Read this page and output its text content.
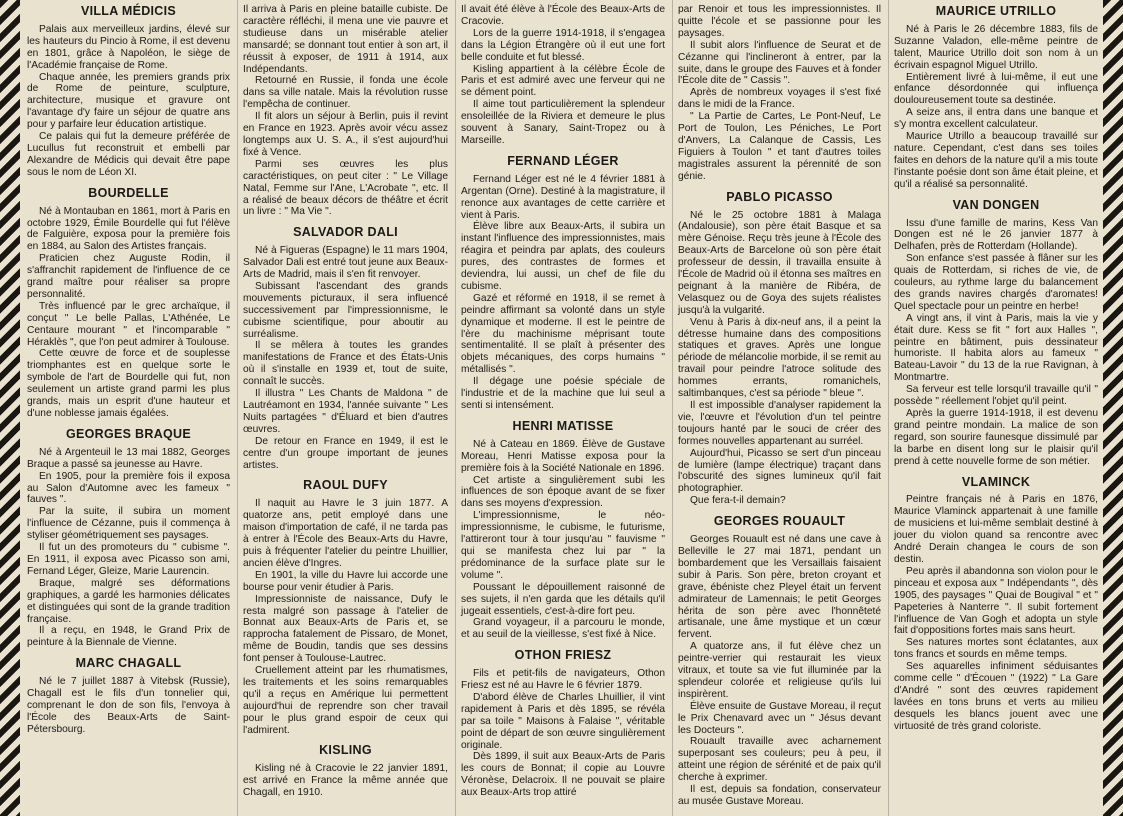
VILLA MÉDICIS

Palais aux merveilleux jardins, élevé sur les hauteurs du Pincio à Rome, il est devenu en 1801, grâce à Napoléon, le siège de l'Académie française de Rome.

Chaque année, les premiers grands prix de Rome de peinture, sculpture, architecture, musique et gravure ont l'avantage d'y faire un séjour de quatre ans pour y parfaire leur éducation artistique.

Ce palais qui fut la demeure préférée de Lucullus fut reconstruit et embelli par Alexandre de Médicis qui devait être pape sous le nom de Léon XI.

BOURDELLE

Né à Montauban en 1861, mort à Paris en octobre 1929, Émile Bourdelle qui fut l'élève de Falguière, exposa pour la première fois en 1884, au Salon des Artistes français.

Praticien chez Auguste Rodin, il s'affranchit rapidement de l'influence de ce grand maître pour réaliser sa propre personnalité.

Très influencé par le grec archaïque, il conçut " Le belle Pallas, L'Athénée, Le Centaure mourant " et l'incomparable " Héraklès ", que l'on peut admirer à Toulouse.

Cette œuvre de force et de souplesse triomphantes est en quelque sorte le symbole de l'art de Bourdelle qui fut, non seulement un artiste grand parmi les plus grands, mais un esprit d'une hauteur et d'une noblesse jamais égalées.

GEORGES BRAQUE

Né à Argenteuil le 13 mai 1882, Georges Braque a passé sa jeunesse au Havre.

En 1905, pour la première fois il exposa au Salon d'Automne avec les fameux " fauves ".

Par la suite, il subira un moment l'influence de Cézanne, puis il commença à styliser géométriquement ses paysages.

Il fut un des promoteurs du " cubisme ". En 1911, il exposa avec Picasso son ami, Fernand Léger, Gleize, Marie Laurencin.

Braque, malgré ses déformations graphiques, a gardé les harmonies délicates et distinguées qui sont de la grande tradition française.

Il a reçu, en 1948, le Grand Prix de peinture à la Biennale de Vienne.

MARC CHAGALL

Né le 7 juillet 1887 à Vitebsk (Russie), Chagall est le fils d'un tonnelier qui, comprenant le don de son fils, l'envoya à l'École des Beaux-Arts de Saint-Pétersbourg.

Il arriva à Paris en pleine bataille cubiste. De caractère réfléchi, il mena une vie pauvre et studieuse dans un misérable atelier mansardé; se donnant tout entier à son art, il réussit à exposer, de 1911 à 1914, aux Indépendants.

Retourné en Russie, il fonda une école dans sa ville natale. Mais la révolution russe l'empêcha de continuer.

Il fit alors un séjour à Berlin, puis il revint en France en 1923. Après avoir vécu assez longtemps aux U. S. A., il s'est aujourd'hui fixé à Vence.

Parmi ses œuvres les plus caractéristiques, on peut citer : " Le Village Natal, Femme sur l'Ane, L'Acrobate ", etc. Il a réalisé de beaux décors de théâtre et écrit un livre : " Ma Vie ".

SALVADOR DALI

Né à Figueras (Espagne) le 11 mars 1904, Salvador Dali est entré tout jeune aux Beaux-Arts de Madrid, mais il s'en fit renvoyer.

Subissant l'ascendant des grands mouvements picturaux, il sera influencé successivement par l'impressionnisme, le cubisme scientifique, pour aboutir au surréalisme.

Il se mêlera à toutes les grandes manifestations de France et des États-Unis où il s'installe en 1939 et, tout de suite, connaît le succès.

Il illustra " Les Chants de Maldona " de Lautréamont en 1934, l'année suivante " Les Nuits partagées " d'Éluard et bien d'autres œuvres.

De retour en France en 1949, il est le centre d'un groupe important de jeunes artistes.

RAOUL DUFY

Il naquit au Havre le 3 juin 1877. A quatorze ans, petit employé dans une maison d'importation de café, il ne tarda pas à entrer à l'École des Beaux-Arts du Havre, puis à fréquenter l'atelier du peintre Lhuillier, ancien élève d'Ingres.

En 1901, la ville du Havre lui accorde une bourse pour venir étudier à Paris.

Impressionniste de naissance, Dufy le resta malgré son passage à l'atelier de Bonnat aux Beaux-Arts de Paris et, se rapprocha fatalement de Pissaro, de Monet, même de Boudin, tandis que ses dessins font penser à Toulouse-Lautrec.

Cruellement atteint par les rhumatismes, les traitements et les soins remarquables qu'il a reçus en Amérique lui permettent aujourd'hui de reprendre son cher travail pour le plus grand espoir de ceux qui l'admirent.

KISLING

Kisling né à Cracovie le 22 janvier 1891, est arrivé en France la même année que Chagall, en 1910.

Il avait été élève à l'École des Beaux-Arts de Cracovie.

Lors de la guerre 1914-1918, il s'engagea dans la Légion Étrangère où il eut une fort belle conduite et fut blessé.

Kisling appartient à la célèbre École de Paris et est admiré avec une ferveur qui ne se dément point.

Il aime tout particulièrement la splendeur ensoleillée de la Riviera et demeure le plus souvent à Sanary, Saint-Tropez ou à Marseille.

FERNAND LÉGER

Fernand Léger est né le 4 février 1881 à Argentan (Orne). Destiné à la magistrature, il renonce aux avantages de cette carrière et vient à Paris.

Élève libre aux Beaux-Arts, il subira un instant l'influence des impressionnistes, mais réagira et peindra par aplats, des couleurs pures, des contrastes de formes et deviendra, lui aussi, un chef de file du cubisme.

Gazé et réformé en 1918, il se remet à peindre affirmant sa volonté dans un style dynamique et moderne. Il est le peintre de l'ère du machinisme méprisant toute sentimentalité. Il se plaît à présenter des objets mécaniques, des corps humains " métallisés ".

Il dégage une poésie spéciale de l'industrie et de la machine que lui seul a senti si intensément.

HENRI MATISSE

Né à Cateau en 1869. Élève de Gustave Moreau, Henri Matisse exposa pour la première fois à la Société Nationale en 1896.

Cet artiste a singulièrement subi les influences de son époque avant de se fixer dans ses moyens d'expression.

L'impressionnisme, le néo-impressionnisme, le cubisme, le futurisme, l'attireront tour à tour jusqu'au " fauvisme " qui se manifesta chez lui par " la prédominance de la surface plate sur le volume ".

Poussant le dépouillement raisonné de ses sujets, il n'en garda que les détails qu'il jugeait essentiels, c'est-à-dire fort peu.

Grand voyageur, il a parcouru le monde, et au seuil de la vieillesse, s'est fixé à Nice.

OTHON FRIESZ

Fils et petit-fils de navigateurs, Othon Friesz est né au Havre le 6 février 1879.

D'abord élève de Charles Lhuillier, il vint rapidement à Paris et dès 1895, se révéla par sa toile " Maisons à Falaise ", véritable point de départ de son œuvre singulièrement originale.

Dès 1899, il suit aux Beaux-Arts de Paris les cours de Bonnat; il copie au Louvre Véronèse, Delacroix. Il ne pouvait se plaire aux Beaux-Arts trop attiré

par Renoir et tous les impressionnistes. Il quitte l'école et se passionne pour les paysages.

Il subit alors l'influence de Seurat et de Cézanne qui l'inclineront à entrer, par la suite, dans le groupe des Fauves et à fonder l'École dite de " Cassis ".

Après de nombreux voyages il s'est fixé dans le midi de la France.

" La Partie de Cartes, Le Pont-Neuf, Le Port de Toulon, Les Péniches, Le Port d'Anvers, La Calanque de Cassis, Les Figuiers à Toulon " et tant d'autres toiles magistrales assurent la pérennité de son génie.

PABLO PICASSO

Né le 25 octobre 1881 à Malaga (Andalousie), son père était Basque et sa mère Génoise. Reçu très jeune à l'École des Beaux-Arts de Barcelone où son père était professeur de dessin, il travailla ensuite à l'École de Madrid où il étonna ses maîtres en peignant à la manière de Ribéra, de Velasquez ou de Goya des sujets réalistes jusqu'à la vulgarité.

Venu à Paris à dix-neuf ans, il a peint la détresse humaine dans des compositions statiques et graves. Après une longue période de mélancolie morbide, il se remit au travail pour peindre l'atroce solitude des hommes errants, romanichels, saltimbanques, c'est sa période " bleue ".

Il est impossible d'analyser rapidement la vie, l'œuvre et l'évolution d'un tel peintre toujours hanté par le souci de créer des formes nouvelles appartenant au surréel.

Aujourd'hui, Picasso se sert d'un pinceau de lumière (lampe électrique) traçant dans l'obscurité des signes lumineux qu'il fait photographier.

Que fera-t-il demain?

GEORGES ROUAULT

Georges Rouault est né dans une cave à Belleville le 27 mai 1871, pendant un bombardement que les Versaillais faisaient subir à Paris. Son père, breton croyant et grave, ébéniste chez Pleyel était un fervent admirateur de Lamennais; le petit Georges hérita de son père avec l'honnêteté artisanale, une âme mystique et un cœur fervent.

A quatorze ans, il fut élève chez un peintre-verrier qui restaurait les vieux vitraux, et toute sa vie fut illuminée par la splendeur colorée et religieuse qu'ils lui inspirèrent.

Élève ensuite de Gustave Moreau, il reçut le Prix Chenavard avec un " Jésus devant les Docteurs ".

Rouault travaille avec acharnement superposant ses couleurs; peu à peu, il atteint une région de sérénité et de paix qu'il cherche à exprimer.

Il est, depuis sa fondation, conservateur au musée Gustave Moreau.

MAURICE UTRILLO

Né à Paris le 26 décembre 1883, fils de Suzanne Valadon, elle-même peintre de talent, Maurice Utrillo doit son nom à un écrivain espagnol Miguel Utrillo.

Entièrement livré à lui-même, il eut une enfance désordonnée qui influença douloureusement toute sa destinée.

A seize ans, il entra dans une banque et s'y montra excellent calculateur.

Maurice Utrillo a beaucoup travaillé sur nature. Cependant, c'est dans ses toiles faites en dehors de la nature qu'il a mis toute l'instante poésie dont son âme était pleine, et qu'il a réalisé sa personnalité.

VAN DONGEN

Issu d'une famille de marins, Kess Van Dongen est né le 26 janvier 1877 à Delhafen, près de Rotterdam (Hollande).

Son enfance s'est passée à flâner sur les quais de Rotterdam, si riches de vie, de couleurs, au rythme large du balancement des grands navires chargés d'aromates! Quel spectacle pour un peintre en herbe!

A vingt ans, il vint à Paris, mais la vie y était dure. Kess se fit " fort aux Halles ", peintre en bâtiment, puis dessinateur humoriste. Il habita alors au fameux " Bateau-Lavoir " du 13 de la rue Ravignan, à Montmartre.

Sa ferveur est telle lorsqu'il travaille qu'il " possède " réellement l'objet qu'il peint.

Après la guerre 1914-1918, il est devenu grand peintre mondain. La malice de son regard, son sourire faunesque dissimulé par la barbe en disent long sur le plaisir qu'il prend à cette nouvelle forme de son métier.

VLAMINCK

Peintre français né à Paris en 1876, Maurice Vlaminck appartenait à une famille de musiciens et lui-même semblait destiné à jouer du violon quand sa rencontre avec André Derain changea le cours de son destin.

Peu après il abandonna son violon pour le pinceau et exposa aux " Indépendants ", dès 1905, des paysages " Quai de Bougival " et " Papeteries à Nanterre ". Il subit fortement l'influence de Van Gogh et adopta un style fait d'oppositions fortes mais sans heurt.

Ses natures mortes sont éclatantes, aux tons francs et sourds en même temps.

Ses aquarelles infiniment séduisantes comme celle " d'Écouen " (1922) " La Gare d'André " sont des œuvres rapidement lavées en tons bruns et verts au milieu desquels les blancs jouent avec une virtuosité de très grand coloriste.
